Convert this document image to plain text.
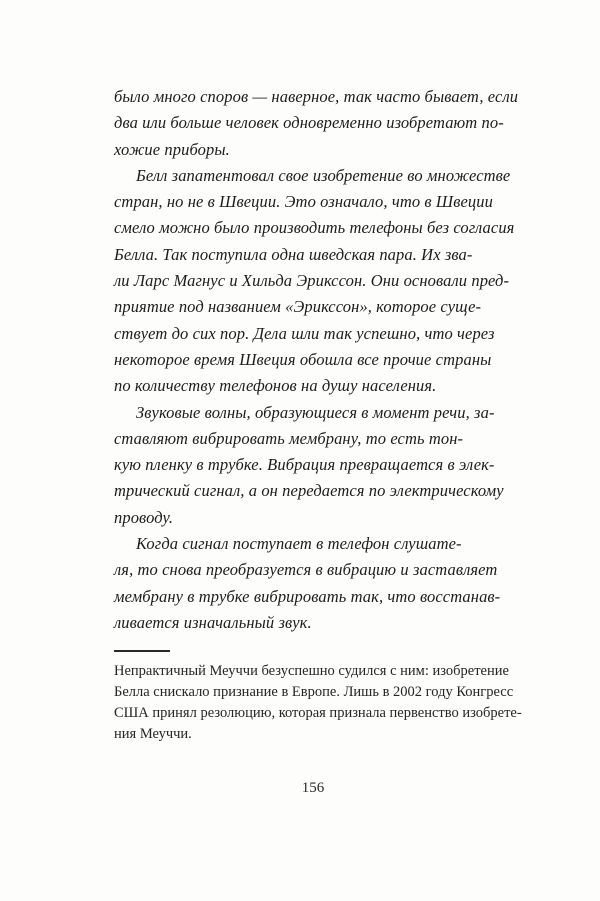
было много споров — наверное, так часто бывает, если
два или больше человек одновременно изобретают по-
хожие приборы.

Белл запатентовал свое изобретение во множестве
стран, но не в Швеции. Это означало, что в Швеции
смело можно было производить телефоны без согласия
Белла. Так поступила одна шведская пара. Их зва-
ли Ларс Магнус и Хильда Эрикссон. Они основали пред-
приятие под названием «Эрикссон», которое суще-
ствует до сих пор. Дела шли так успешно, что через
некоторое время Швеция обошла все прочие страны
по количеству телефонов на душу населения.

Звуковые волны, образующиеся в момент речи, за-
ставляют вибрировать мембрану, то есть тон-
кую пленку в трубке. Вибрация превращается в элек-
трический сигнал, а он передается по электрическому
проводу.

Когда сигнал поступает в телефон слушате-
ля, то снова преобразуется в вибрацию и заставляет
мембрану в трубке вибрировать так, что восстанав-
ливается изначальный звук.

Непрактичный Меуччи безуспешно судился с ним: изобретение
Белла снискало признание в Европе. Лишь в 2002 году Конгресс
США принял резолюцию, которая признала первенство изобрете-
ния Меуччи.
156
